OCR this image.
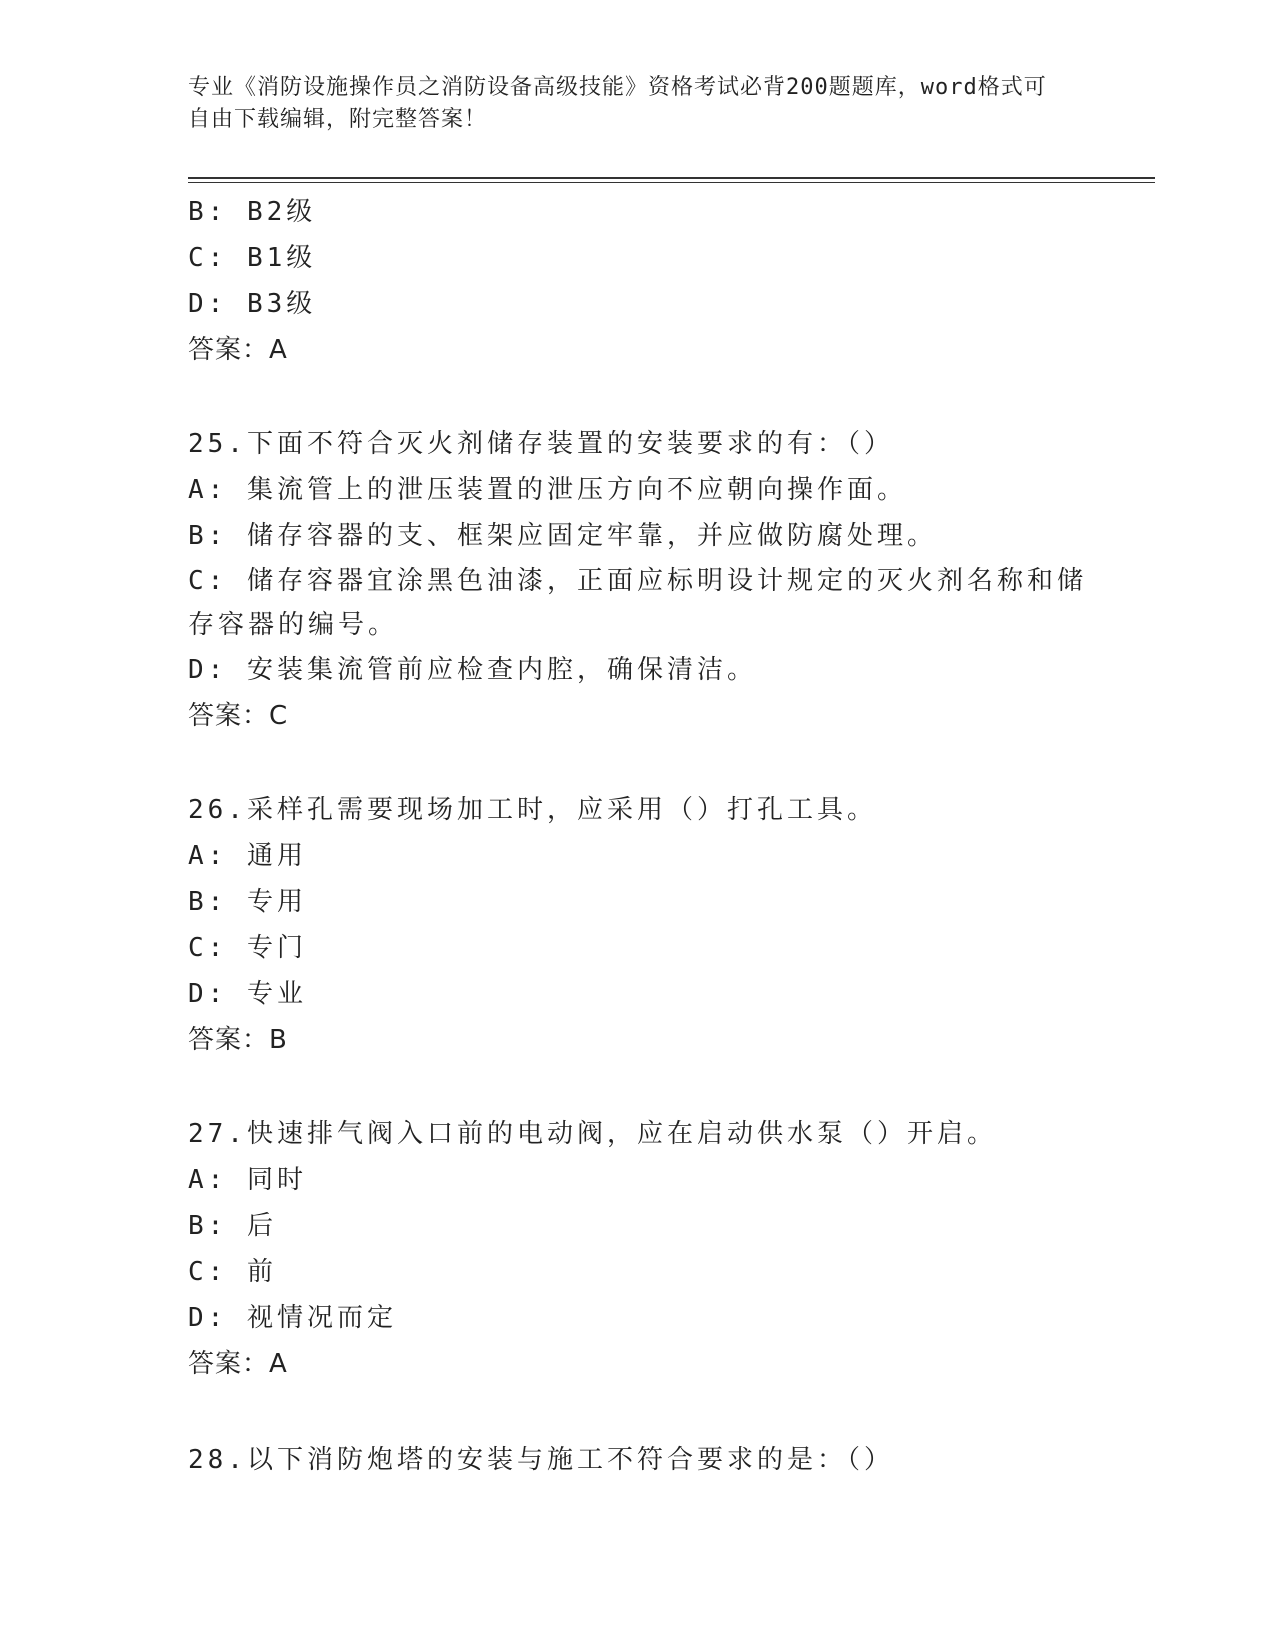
专业《消防设施操作员之消防设备高级技能》资格考试必背200题题库，word格式可自由下载编辑，附完整答案！
B: B2级
C: B1级
D: B3级
答案：A
25.下面不符合灭火剂储存装置的安装要求的有：（）
A: 集流管上的泄压装置的泄压方向不应朝向操作面。
B: 储存容器的支、框架应固定牢靠，并应做防腐处理。
C: 储存容器宜涂黑色油漆，正面应标明设计规定的灭火剂名称和储存容器的编号。
D: 安装集流管前应检查内腔，确保清洁。
答案：C
26.采样孔需要现场加工时，应采用（）打孔工具。
A: 通用
B: 专用
C: 专门
D: 专业
答案：B
27.快速排气阀入口前的电动阀，应在启动供水泵（）开启。
A: 同时
B: 后
C: 前
D: 视情况而定
答案：A
28.以下消防炮塔的安装与施工不符合要求的是：（）
